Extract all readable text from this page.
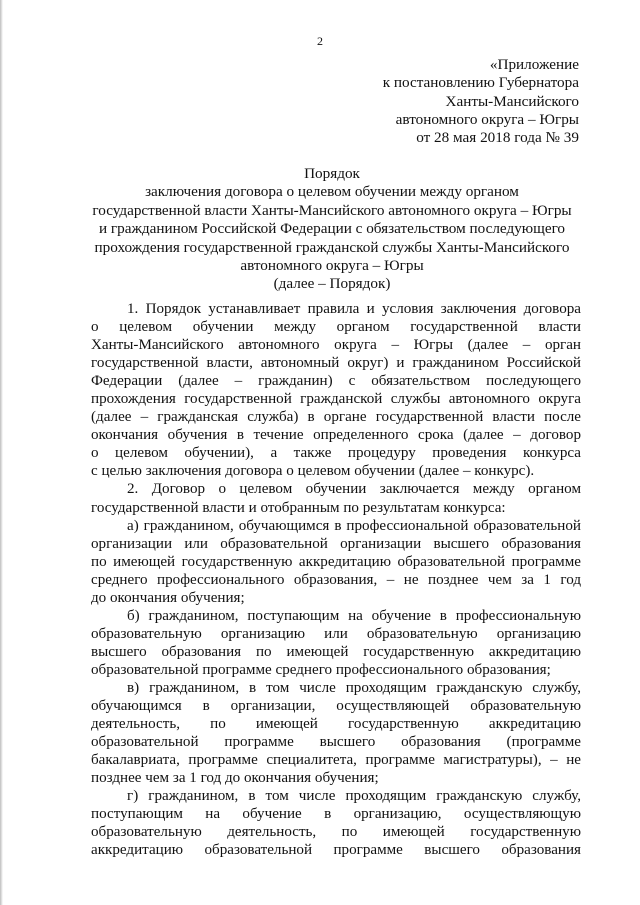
2
«Приложение
к постановлению Губернатора
Ханты-Мансийского
автономного округа – Югры
от 28 мая 2018 года № 39
Порядок
заключения договора о целевом обучении между органом
государственной власти Ханты-Мансийского автономного округа – Югры
и гражданином Российской Федерации с обязательством последующего
прохождения государственной гражданской службы Ханты-Мансийского
автономного округа – Югры
(далее – Порядок)
1. Порядок устанавливает правила и условия заключения договора
о целевом обучении между органом государственной власти
Ханты-Мансийского автономного округа – Югры (далее – орган
государственной власти, автономный округ) и гражданином Российской
Федерации (далее – гражданин) с обязательством последующего
прохождения государственной гражданской службы автономного округа
(далее – гражданская служба) в органе государственной власти после
окончания обучения в течение определенного срока (далее – договор
о целевом обучении), а также процедуру проведения конкурса
с целью заключения договора о целевом обучении (далее – конкурс).
2. Договор о целевом обучении заключается между органом
государственной власти и отобранным по результатам конкурса:
а) гражданином, обучающимся в профессиональной образовательной
организации или образовательной организации высшего образования
по имеющей государственную аккредитацию образовательной программе
среднего профессионального образования, – не позднее чем за 1 год
до окончания обучения;
б) гражданином, поступающим на обучение в профессиональную
образовательную организацию или образовательную организацию
высшего образования по имеющей государственную аккредитацию
образовательной программе среднего профессионального образования;
в) гражданином, в том числе проходящим гражданскую службу,
обучающимся в организации, осуществляющей образовательную
деятельность, по имеющей государственную аккредитацию
образовательной программе высшего образования (программе
бакалавриата, программе специалитета, программе магистратуры), – не
позднее чем за 1 год до окончания обучения;
г) гражданином, в том числе проходящим гражданскую службу,
поступающим на обучение в организацию, осуществляющую
образовательную деятельность, по имеющей государственную
аккредитацию образовательной программе высшего образования
